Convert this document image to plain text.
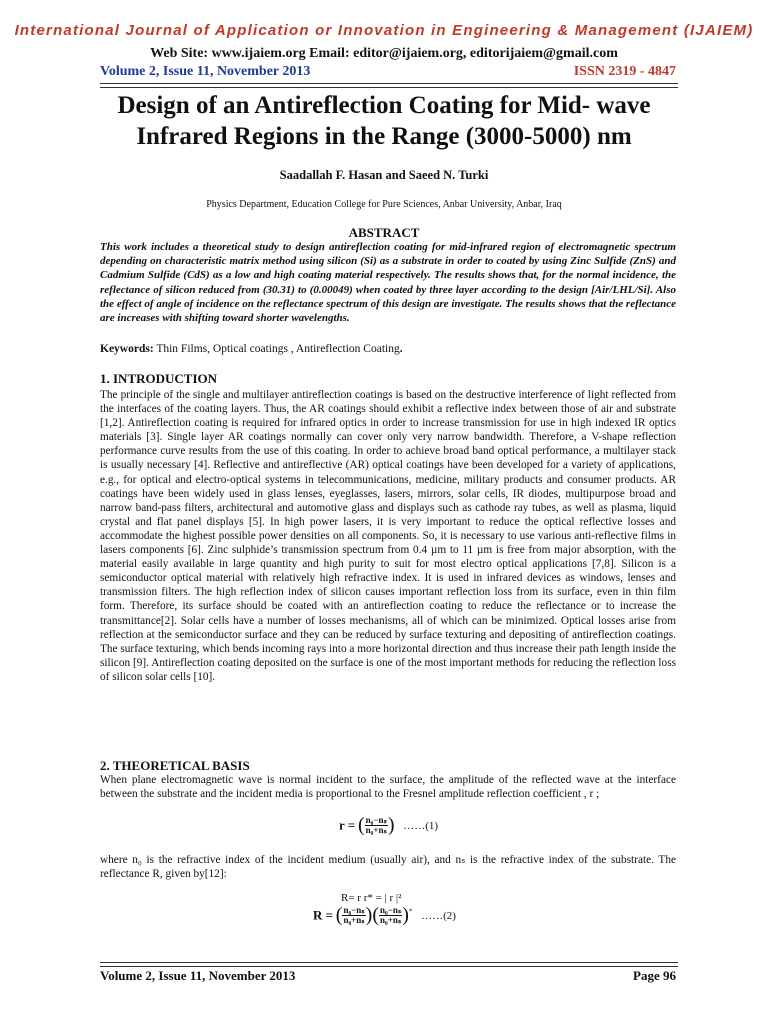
International Journal of Application or Innovation in Engineering & Management (IJAIEM)
Web Site: www.ijaiem.org Email: editor@ijaiem.org, editorijaiem@gmail.com
Volume 2, Issue 11, November 2013	ISSN 2319 - 4847
Design of an Antireflection Coating for Mid- wave
Infrared Regions in the Range (3000-5000) nm
Saadallah F. Hasan and Saeed N. Turki
Physics Department, Education College for Pure Sciences, Anbar University, Anbar, Iraq
ABSTRACT

This work includes a theoretical study to design antireflection coating for mid-infrared region of electromagnetic spectrum depending on characteristic matrix method using silicon (Si) as a substrate in order to coated by using Zinc Sulfide (ZnS) and Cadmium Sulfide (CdS) as a low and high coating material respectively. The results shows that, for the normal incidence, the reflectance of silicon reduced from (30.31) to (0.00049) when coated by three layer according to the design [Air/LHL/Si]. Also the effect of angle of incidence on the reflectance spectrum of this design are investigate. The results shows that the reflectance are increases with shifting toward shorter wavelengths.

Keywords: Thin Films, Optical coatings , Antireflection Coating.
1. INTRODUCTION

The principle of the single and multilayer antireflection coatings is based on the destructive interference of light reflected from the interfaces of the coating layers. Thus, the AR coatings should exhibit a reflective index between those of air and substrate [1,2]. Antireflection coating is required for infrared optics in order to increase transmission for use in high indexed IR optics materials [3]. Single layer AR coatings normally can cover only very narrow bandwidth. Therefore, a V-shape reflection performance curve results from the use of this coating. In order to achieve broad band optical performance, a multilayer stack is usually necessary [4]. Reflective and antireflective (AR) optical coatings have been developed for a variety of applications, e.g., for optical and electro-optical systems in telecommunications, medicine, military products and consumer products. AR coatings have been widely used in glass lenses, eyeglasses, lasers, mirrors, solar cells, IR diodes, multipurpose broad and narrow band-pass filters, architectural and automotive glass and displays such as cathode ray tubes, as well as plasma, liquid crystal and flat panel displays [5]. In high power lasers, it is very important to reduce the optical reflective losses and accommodate the highest possible power densities on all components. So, it is necessary to use various anti-reflective films in lasers components [6]. Zinc sulphide’s transmission spectrum from 0.4 µm to 11 µm is free from major absorption, with the material easily available in large quantity and high purity to suit for most electro optical applications [7,8]. Silicon is a semiconductor optical material with relatively high refractive index. It is used in infrared devices as windows, lenses and transmission filters. The high reflection index of silicon causes important reflection loss from its surface, even in thin film form. Therefore, its surface should be coated with an antireflection coating to reduce the reflectance or to increase the transmittance[2]. Solar cells have a number of losses mechanisms, all of which can be minimized. Optical losses arise from reflection at the semiconductor surface and they can be reduced by surface texturing and depositing of antireflection coatings. The surface texturing, which bends incoming rays into a more horizontal direction and thus increase their path length inside the silicon [9]. Antireflection coating deposited on the surface is one of the most important methods for reducing the reflection loss of silicon solar cells [10].

2. THEORETICAL BASIS

When plane electromagnetic wave is normal incident to the surface, the amplitude of the reflected wave at the interface between the substrate and the incident media is proportional to the Fresnel amplitude reflection coefficient , r ;

r = ( $\frac{\text{n₀−nₛ}}{\text{n₀+nₛ}}$ ) ……(1)

where n₀ is the refractive index of the incident medium (usually air), and nₛ is the refractive index of the substrate. The reflectance R, given by[12]:

R= r r* = | r |²
R = ( $\frac{\text{n₀−nₛ}}{\text{n₀+nₛ}}$ )( $\frac{\text{n₀−nₛ}}{\text{n₀+nₛ}} )^*$ ……(2)
Volume 2, Issue 11, November 2013	Page 96
